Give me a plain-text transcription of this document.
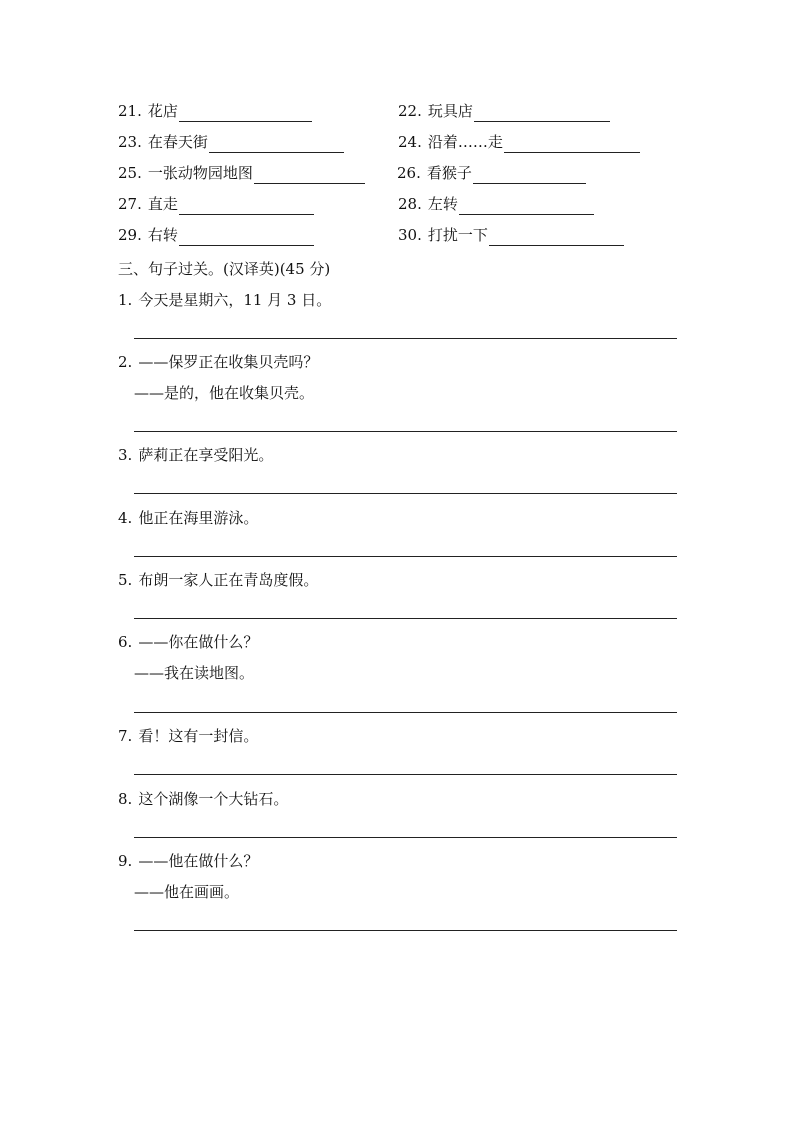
21. 花店	22. 玩具店
23. 在春天街	24. 沿着……走
25. 一张动物园地图	26. 看猴子
27. 直走	28. 左转
29. 右转	30. 打扰一下
三、句子过关。(汉译英)(45 分)
1. 今天是星期六，11 月 3 日。
2. ——保罗正在收集贝壳吗？
——是的，他在收集贝壳。
3. 萨莉正在享受阳光。
4. 他正在海里游泳。
5. 布朗一家人正在青岛度假。
6. ——你在做什么？
——我在读地图。
7. 看！这有一封信。
8. 这个湖像一个大钻石。
9. ——他在做什么？
——他在画画。
